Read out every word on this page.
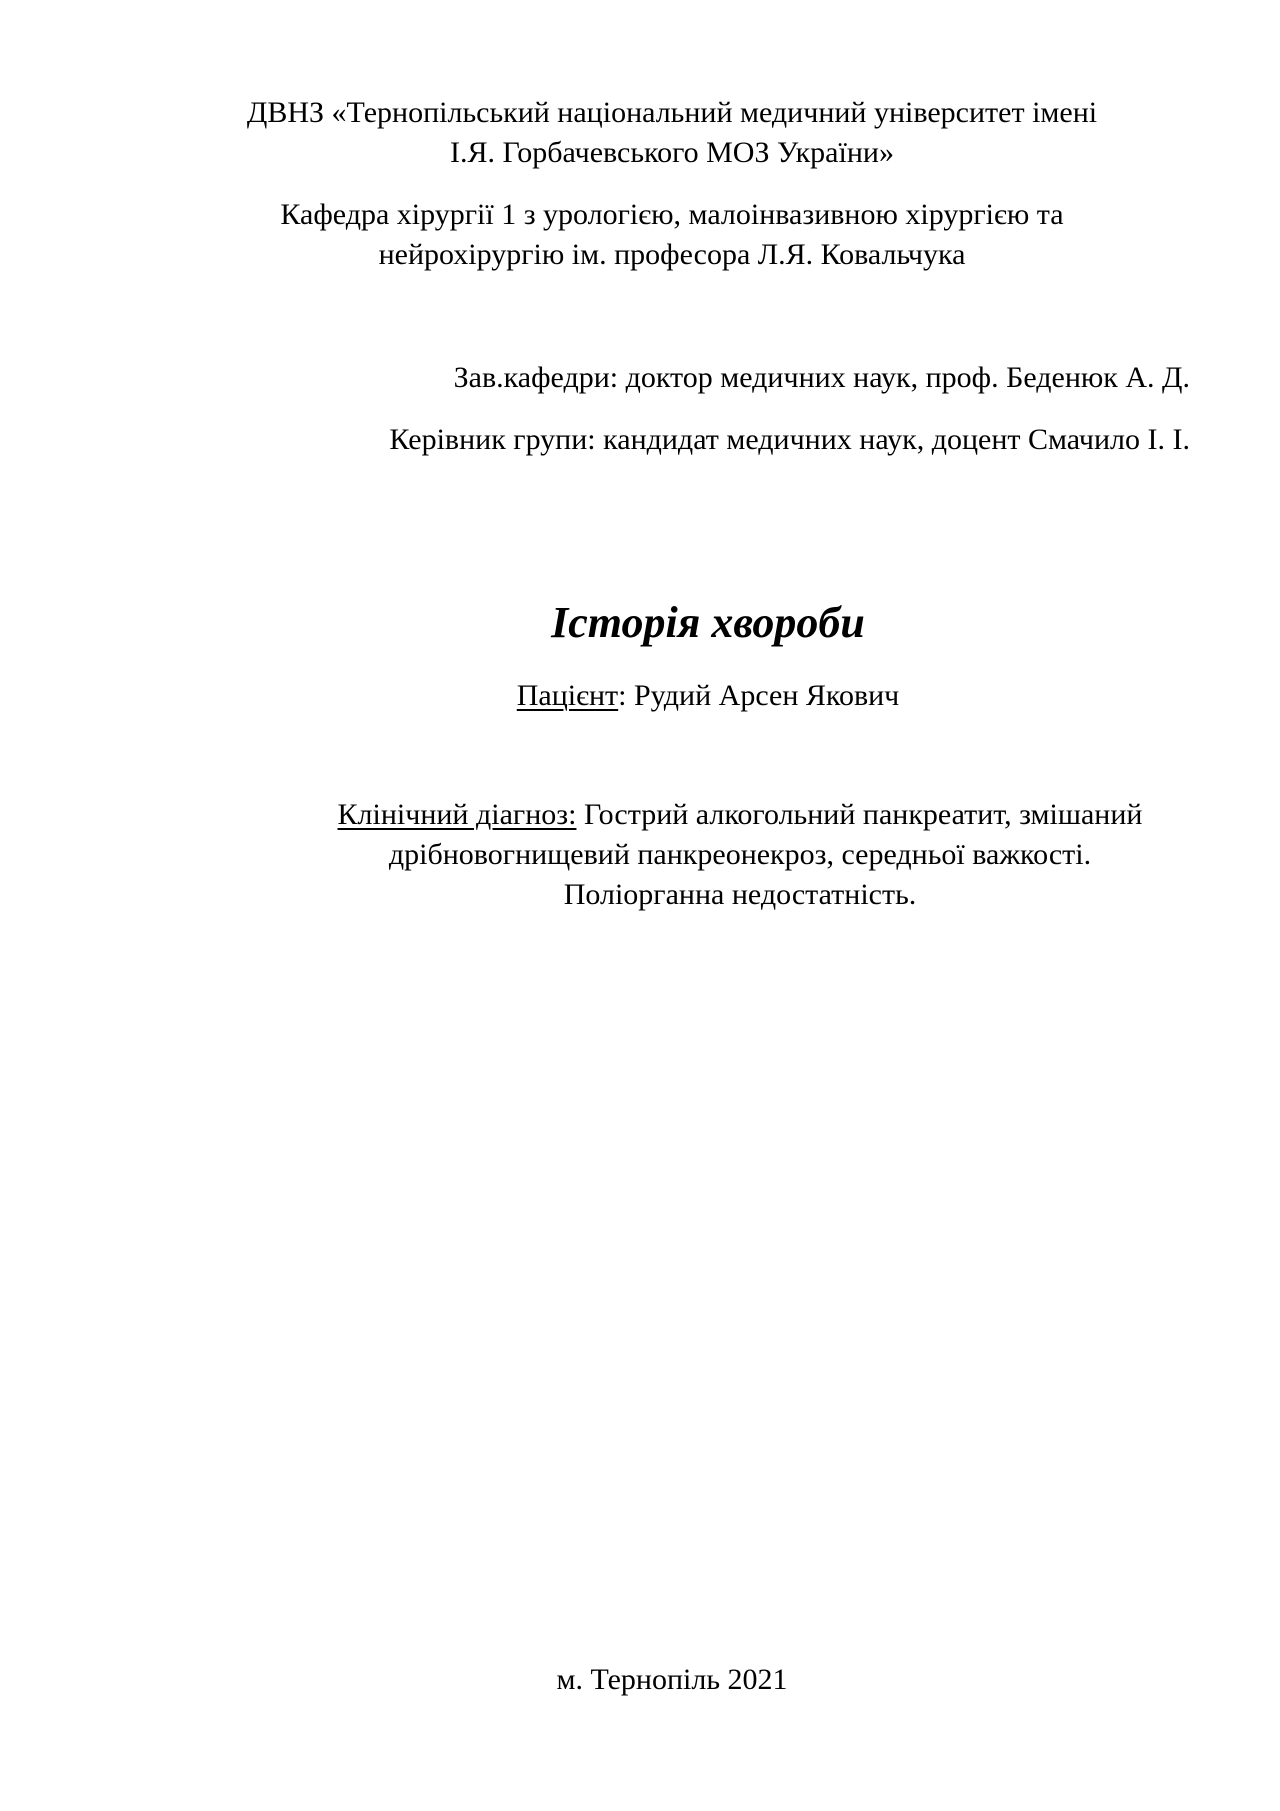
ДВНЗ «Тернопільський національний медичний університет імені
І.Я. Горбачевського МОЗ України»
Кафедра хірургії 1 з урологією, малоінвазивною хірургією та
нейрохірургію ім. професора Л.Я. Ковальчука
Зав.кафедри: доктор медичних наук, проф. Беденюк А. Д.
Керівник групи: кандидат медичних наук, доцент Смачило І. І.
Історія хвороби
Пацієнт: Рудий Арсен Якович
Клінічний діагноз: Гострий алкогольний панкреатит, змішаний
дрібновогнищевий панкреонекроз, середньої важкості.
Поліорганна недостатність.
м. Тернопіль 2021
